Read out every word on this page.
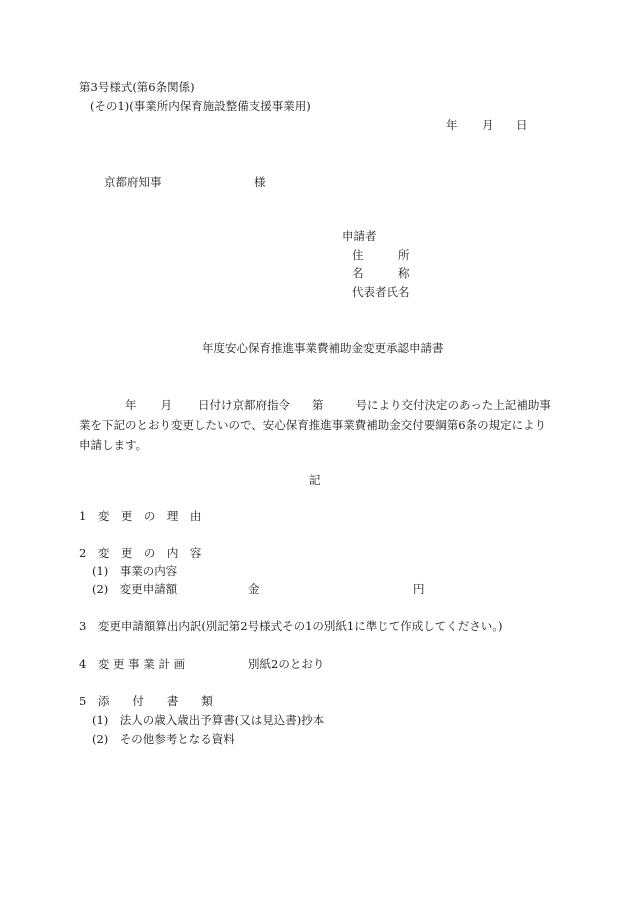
第3号様式(第6条関係)
(その1)(事業所内保育施設整備支援事業用)
年 月 日
京都府知事	様
申請者
住　　　所
名　　　称
代表者氏名
年度安心保育推進事業費補助金変更承認申請書
年 月 日付け京都府指令 第	号により交付決定のあった上記補助事業を下記のとおり変更したいので、安心保育推進事業費補助金交付要綱第6条の規定により申請します。
記
1　変　更　の　理　由
2　変　更　の　内　容
(1)　事業の内容
(2)　変更申請額	金	円
3　変更申請額算出内訳(別記第2号様式その1の別紙1に準じて作成してください。)
4　変 更 事 業 計 画	別紙2のとおり
5　添　　付　　書　　類
(1)　法人の歳入歳出予算書(又は見込書)抄本
(2)　その他参考となる資料
